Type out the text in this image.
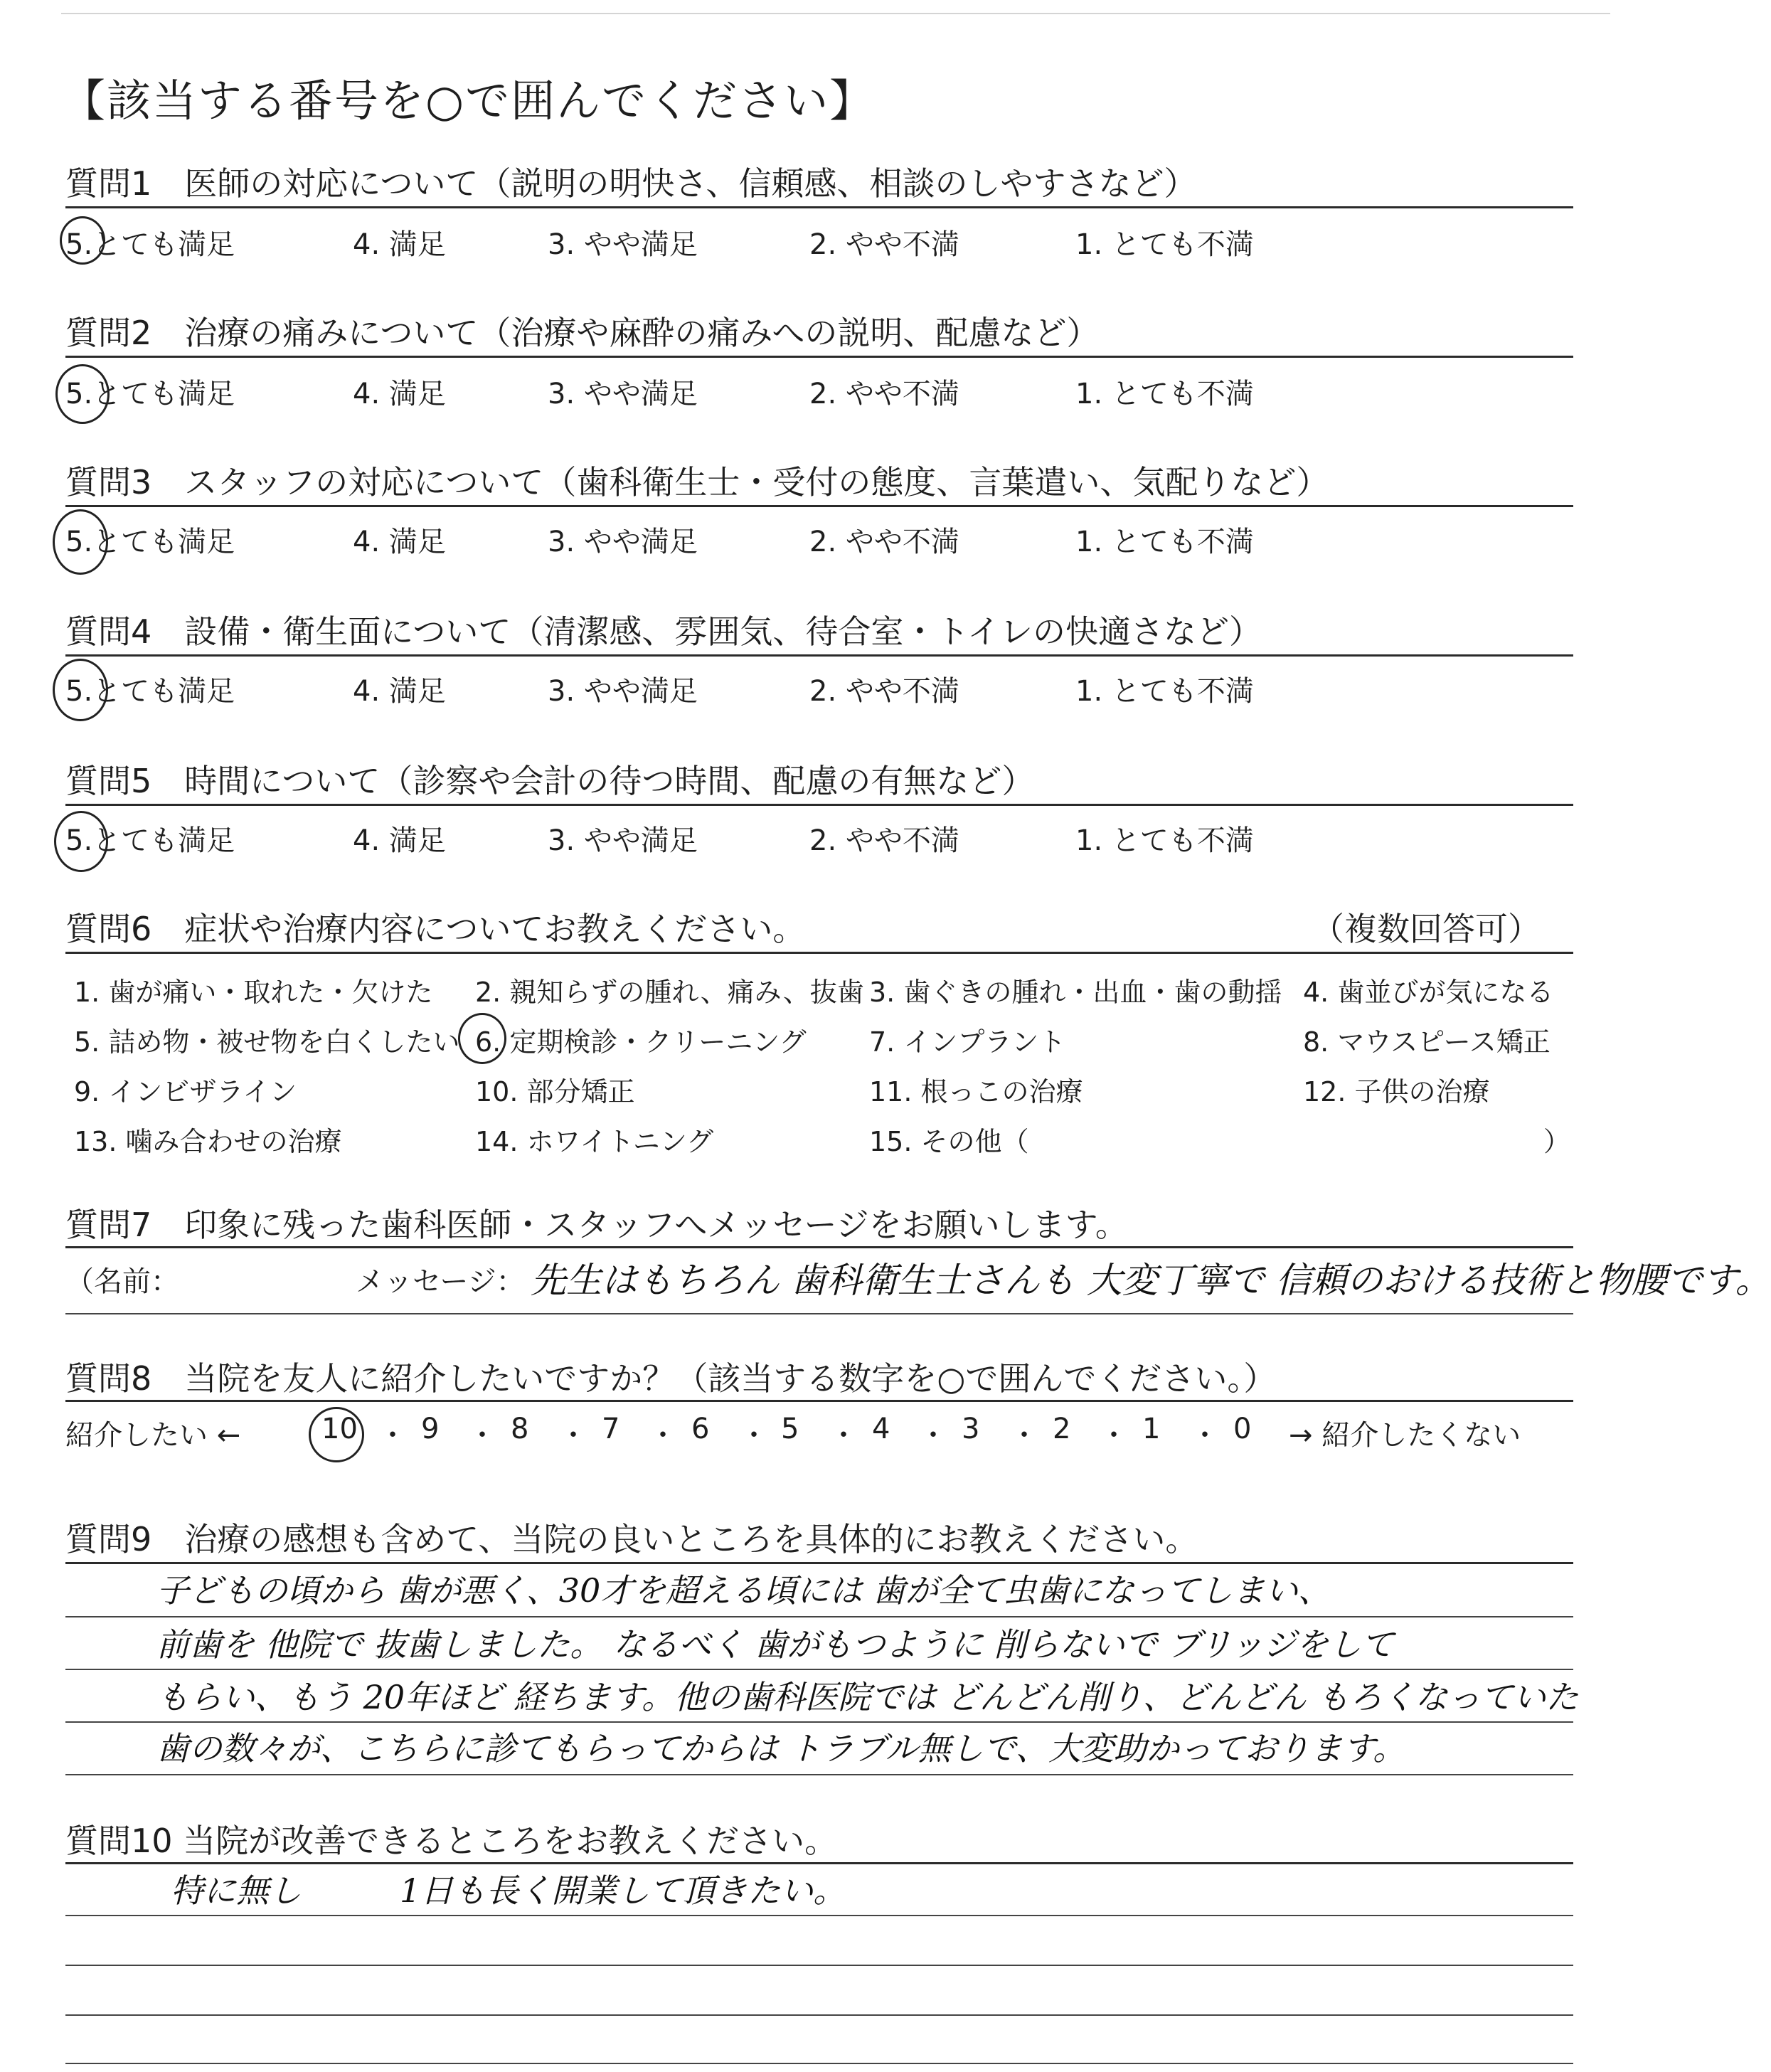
【該当する番号を○で囲んでください】
質問1　医師の対応について（説明の明快さ、信頼感、相談のしやすさなど）
5.とても満足	4. 満足	3. やや満足	2. やや不満	1. とても不満
質問2　治療の痛みについて（治療や麻酔の痛みへの説明、配慮など）
5.とても満足	4. 満足	3. やや満足	2. やや不満	1. とても不満
質問3　スタッフの対応について（歯科衛生士・受付の態度、言葉遣い、気配りなど）
5.とても満足	4. 満足	3. やや満足	2. やや不満	1. とても不満
質問4　設備・衛生面について（清潔感、雰囲気、待合室・トイレの快適さなど）
5.とても満足	4. 満足	3. やや満足	2. やや不満	1. とても不満
質問5　時間について（診察や会計の待つ時間、配慮の有無など）
5.とても満足	4. 満足	3. やや満足	2. やや不満	1. とても不満
質問6　症状や治療内容についてお教えください。	（複数回答可）
1. 歯が痛い・取れた・欠けた 2. 親知らずの腫れ、痛み、抜歯 3. 歯ぐきの腫れ・出血・歯の動揺 4. 歯並びが気になる
5. 詰め物・被せ物を白くしたい 6. 定期検診・クリーニング 7. インプラント	8. マウスピース矯正
9. インビザライン	10. 部分矯正	11. 根っこの治療	12. 子供の治療
13. 噛み合わせの治療	14. ホワイトニング	15. その他（	）
質問7　印象に残った歯科医師・スタッフへメッセージをお願いします。
（名前：	メッセージ： 先生はもちろん 歯科衛生士さんも 大変丁寧で 信頼のおける技術と物腰です。
質問8　当院を友人に紹介したいですか？（該当する数字を○で囲んでください。）
紹介したい ←	10 ・ 9 ・ 8 ・ 7 ・ 6 ・ 5 ・ 4 ・ 3 ・ 2 ・ 1 ・ 0 → 紹介したくない
質問9　治療の感想も含めて、当院の良いところを具体的にお教えください。
子どもの頃から 歯が悪く、30才を超える頃には 歯が全て虫歯になってしまい、
前歯を 他院で 抜歯しました。 なるべく 歯がもつように 削らないで ブリッジをして
もらい、もう 20年ほど 経ちます。他の歯科医院では どんどん削り、どんどん もろくなっていた
歯の数々が、こちらに診てもらってからは トラブル無しで、大変助かっております。
質問10 当院が改善できるところをお教えください。
特に無し　　　1日も長く開業して頂きたい。
